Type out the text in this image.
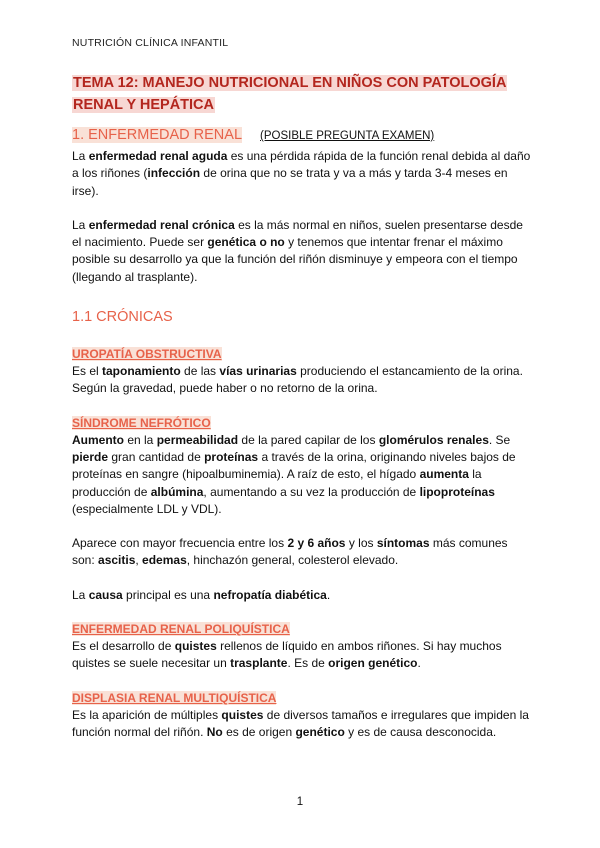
NUTRICIÓN CLÍNICA INFANTIL
TEMA 12: MANEJO NUTRICIONAL EN NIÑOS CON PATOLOGÍA
RENAL Y HEPÁTICA
1. ENFERMEDAD RENAL (POSIBLE PREGUNTA EXAMEN)

La enfermedad renal aguda es una pérdida rápida de la función renal debida al daño a los riñones (infección de orina que no se trata y va a más y tarda 3-4 meses en irse).

La enfermedad renal crónica es la más normal en niños, suelen presentarse desde el nacimiento. Puede ser genética o no y tenemos que intentar frenar el máximo posible su desarrollo ya que la función del riñón disminuye y empeora con el tiempo (llegando al trasplante).

1.1 CRÓNICAS
UROPATÍA OBSTRUCTIVA

Es el taponamiento de las vías urinarias produciendo el estancamiento de la orina. Según la gravedad, puede haber o no retorno de la orina.

SÍNDROME NEFRÓTICO

Aumento en la permeabilidad de la pared capilar de los glomérulos renales. Se pierde gran cantidad de proteínas a través de la orina, originando niveles bajos de proteínas en sangre (hipoalbuminemia). A raíz de esto, el hígado aumenta la producción de albúmina, aumentando a su vez la producción de lipoproteínas (especialmente LDL y VDL).

Aparece con mayor frecuencia entre los 2 y 6 años y los síntomas más comunes son: ascitis, edemas, hinchazón general, colesterol elevado.

La causa principal es una nefropatía diabética.

ENFERMEDAD RENAL POLIQUÍSTICA

Es el desarrollo de quistes rellenos de líquido en ambos riñones. Si hay muchos quistes se suele necesitar un trasplante. Es de origen genético.

DISPLASIA RENAL MULTIQUÍSTICA

Es la aparición de múltiples quistes de diversos tamaños e irregulares que impiden la función normal del riñón. No es de origen genético y es de causa desconocida.

1
